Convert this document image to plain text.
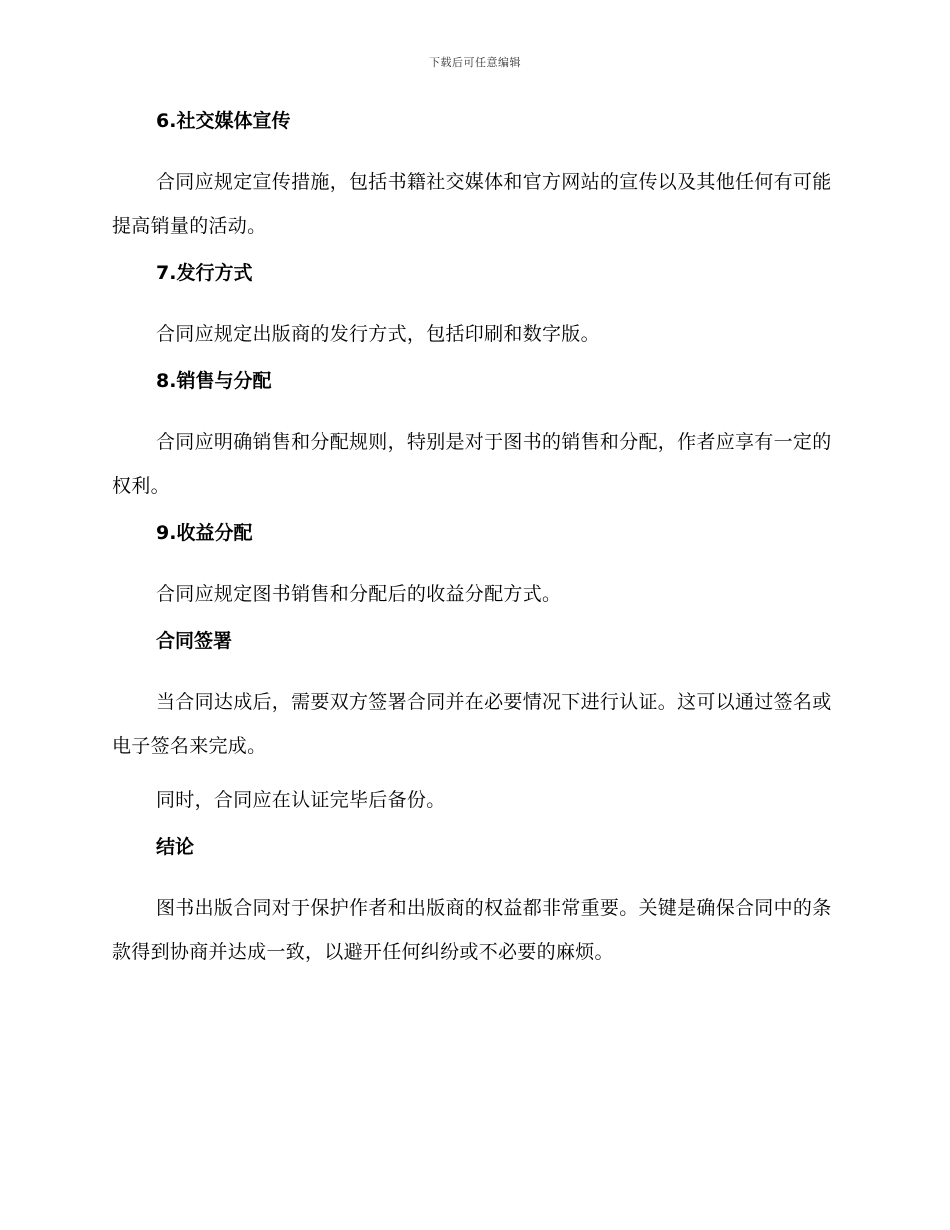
下载后可任意编辑
6.社交媒体宣传

合同应规定宣传措施，包括书籍社交媒体和官方网站的宣传以及其他任何有可能提高销量的活动。

7.发行方式

合同应规定出版商的发行方式，包括印刷和数字版。

8.销售与分配

合同应明确销售和分配规则，特别是对于图书的销售和分配，作者应享有一定的权利。

9.收益分配

合同应规定图书销售和分配后的收益分配方式。

合同签署

当合同达成后，需要双方签署合同并在必要情况下进行认证。这可以通过签名或电子签名来完成。

同时，合同应在认证完毕后备份。

结论

图书出版合同对于保护作者和出版商的权益都非常重要。关键是确保合同中的条款得到协商并达成一致，以避开任何纠纷或不必要的麻烦。
